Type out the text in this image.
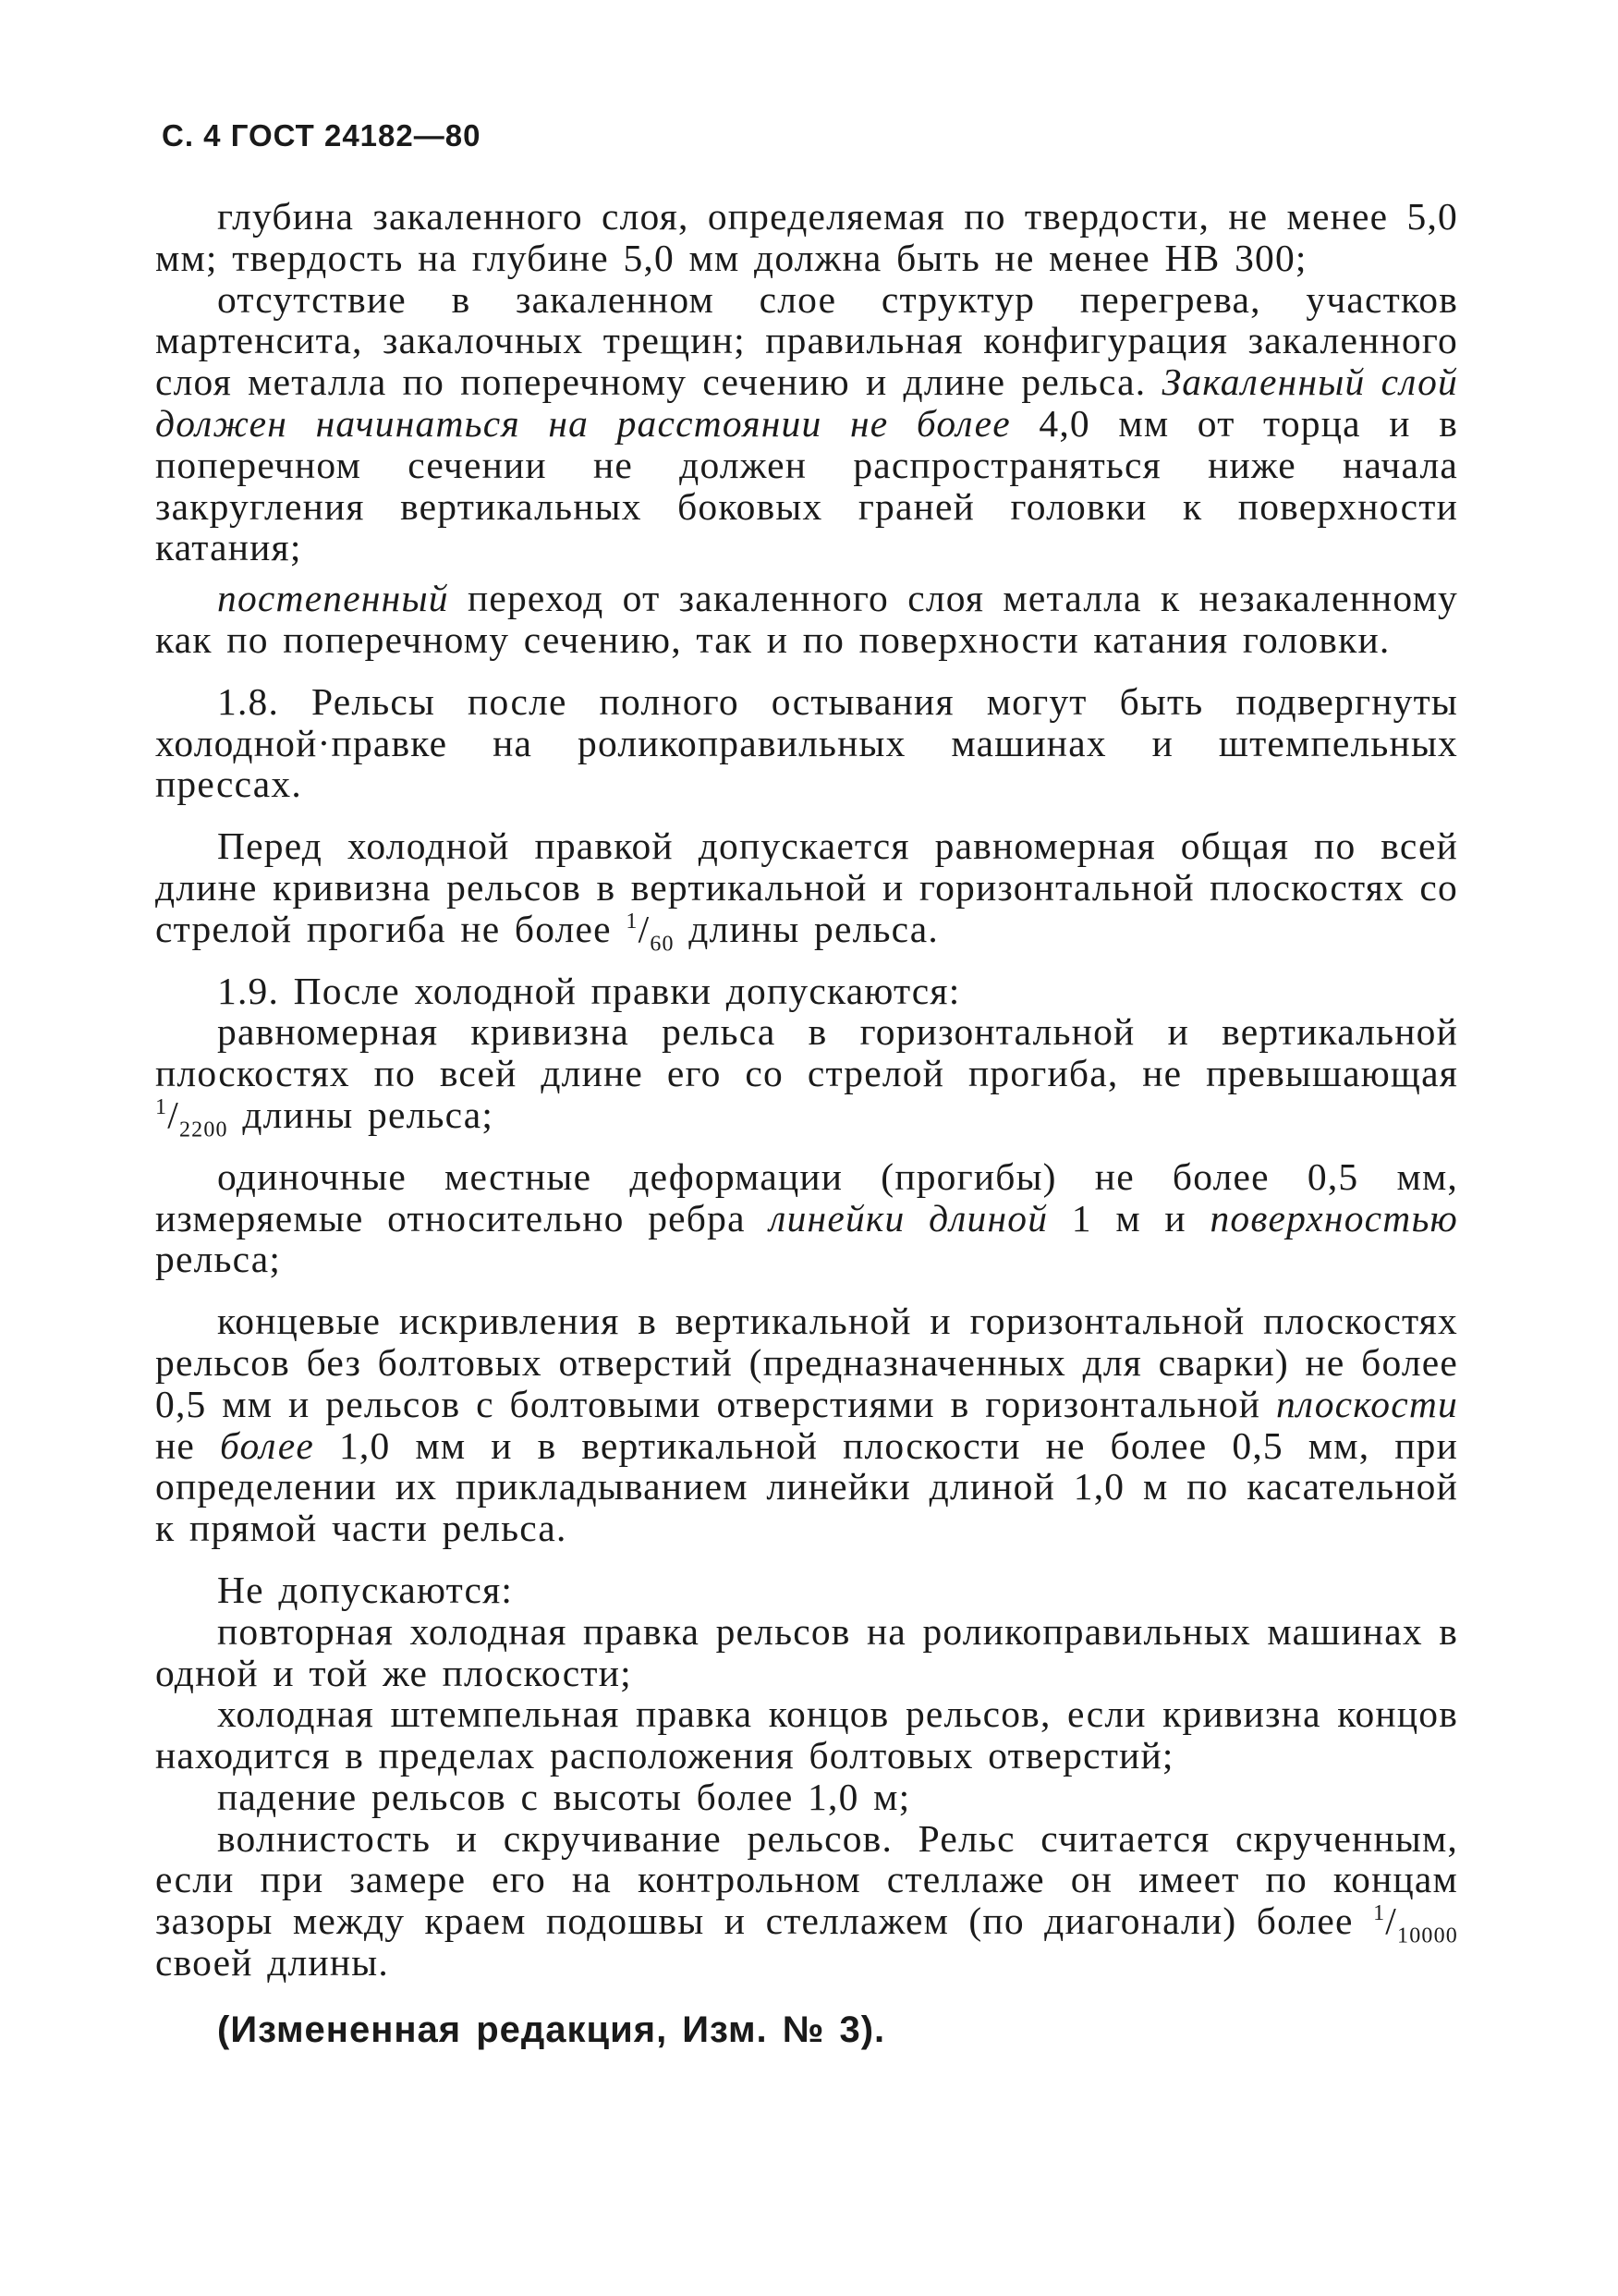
С. 4 ГОСТ 24182—80

глубина закаленного слоя, определяемая по твердости, не менее 5,0 мм; твердость на глубине 5,0 мм должна быть не менее НВ 300;

отсутствие в закаленном слое структур перегрева, участков мартенсита, закалочных трещин; правильная конфигурация закаленного слоя металла по поперечному сечению и длине рельса. Закаленный слой должен начинаться на расстоянии не более 4,0 мм от торца и в поперечном сечении не должен распространяться ниже начала закругления вертикальных боковых граней головки к поверхности катания;

постепенный переход от закаленного слоя металла к незакаленному как по поперечному сечению, так и по поверхности катания головки.

1.8. Рельсы после полного остывания могут быть подвергнуты холодной·правке на роликоправильных машинах и штемпельных прессах.

Перед холодной правкой допускается равномерная общая по всей длине кривизна рельсов в вертикальной и горизонтальной плоскостях со стрелой прогиба не более $^1/_{60}$ длины рельса.

1.9. После холодной правки допускаются:

равномерная кривизна рельса в горизонтальной и вертикальной плоскостях по всей длине его со стрелой прогиба, не превышающая $^1/_{2200}$ длины рельса;

одиночные местные деформации (прогибы) не более 0,5 мм, измеряемые относительно ребра линейки длиной 1 м и поверхностью рельса;

концевые искривления в вертикальной и горизонтальной плоскостях рельсов без болтовых отверстий (предназначенных для сварки) не более 0,5 мм и рельсов с болтовыми отверстиями в горизонтальной плоскости не более 1,0 мм и в вертикальной плоскости не более 0,5 мм, при определении их прикладыванием линейки длиной 1,0 м по касательной к прямой части рельса.

Не допускаются:

повторная холодная правка рельсов на роликоправильных машинах в одной и той же плоскости;

холодная штемпельная правка концов рельсов, если кривизна концов находится в пределах расположения болтовых отверстий;

падение рельсов с высоты более 1,0 м;

волнистость и скручивание рельсов. Рельс считается скрученным, если при замере его на контрольном стеллаже он имеет по концам зазоры между краем подошвы и стеллажем (по диагонали) более $^1/_{10000}$ своей длины.

(Измененная редакция, Изм. № 3).
